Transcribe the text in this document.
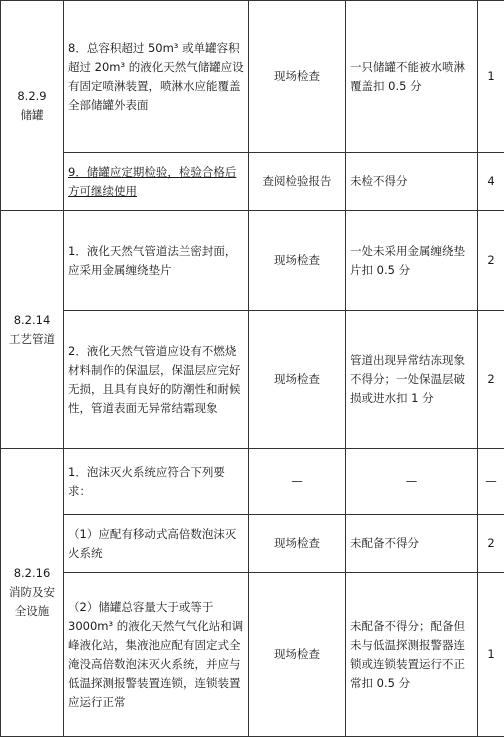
8.2.9
储罐	8．总容积超过 50m³ 或单罐容积超过 20m³ 的液化天然气储罐应设有固定喷淋装置，喷淋水应能覆盖全部储罐外表面	现场检查	一只储罐不能被水喷淋覆盖扣 0.5 分	1
	9．储罐应定期检验，检验合格后方可继续使用	查阅检验报告	未检不得分	4

8.2.14
工艺管道	1．液化天然气管道法兰密封面，应采用金属缠绕垫片	现场检查	一处未采用金属缠绕垫片扣 0.5 分	2
	2．液化天然气管道应设有不燃烧材料制作的保温层，保温层应完好无损，且具有良好的防潮性和耐候性，管道表面无异常结霜现象	现场检查	管道出现异常结冻现象不得分；一处保温层破损或进水扣 1 分	2

8.2.16
消防及安全设施	1．泡沫灭火系统应符合下列要求：	—	—	—
	（1）应配有移动式高倍数泡沫灭火系统	现场检查	未配备不得分	2
	（2）储罐总容量大于或等于 3000m³ 的液化天然气气化站和调峰液化站，集液池应配有固定式全淹没高倍数泡沫灭火系统，并应与低温探测报警装置连锁，连锁装置应运行正常	现场检查	未配备不得分；配备但未与低温探测报警器连锁或连锁装置运行不正常扣 0.5 分	1
